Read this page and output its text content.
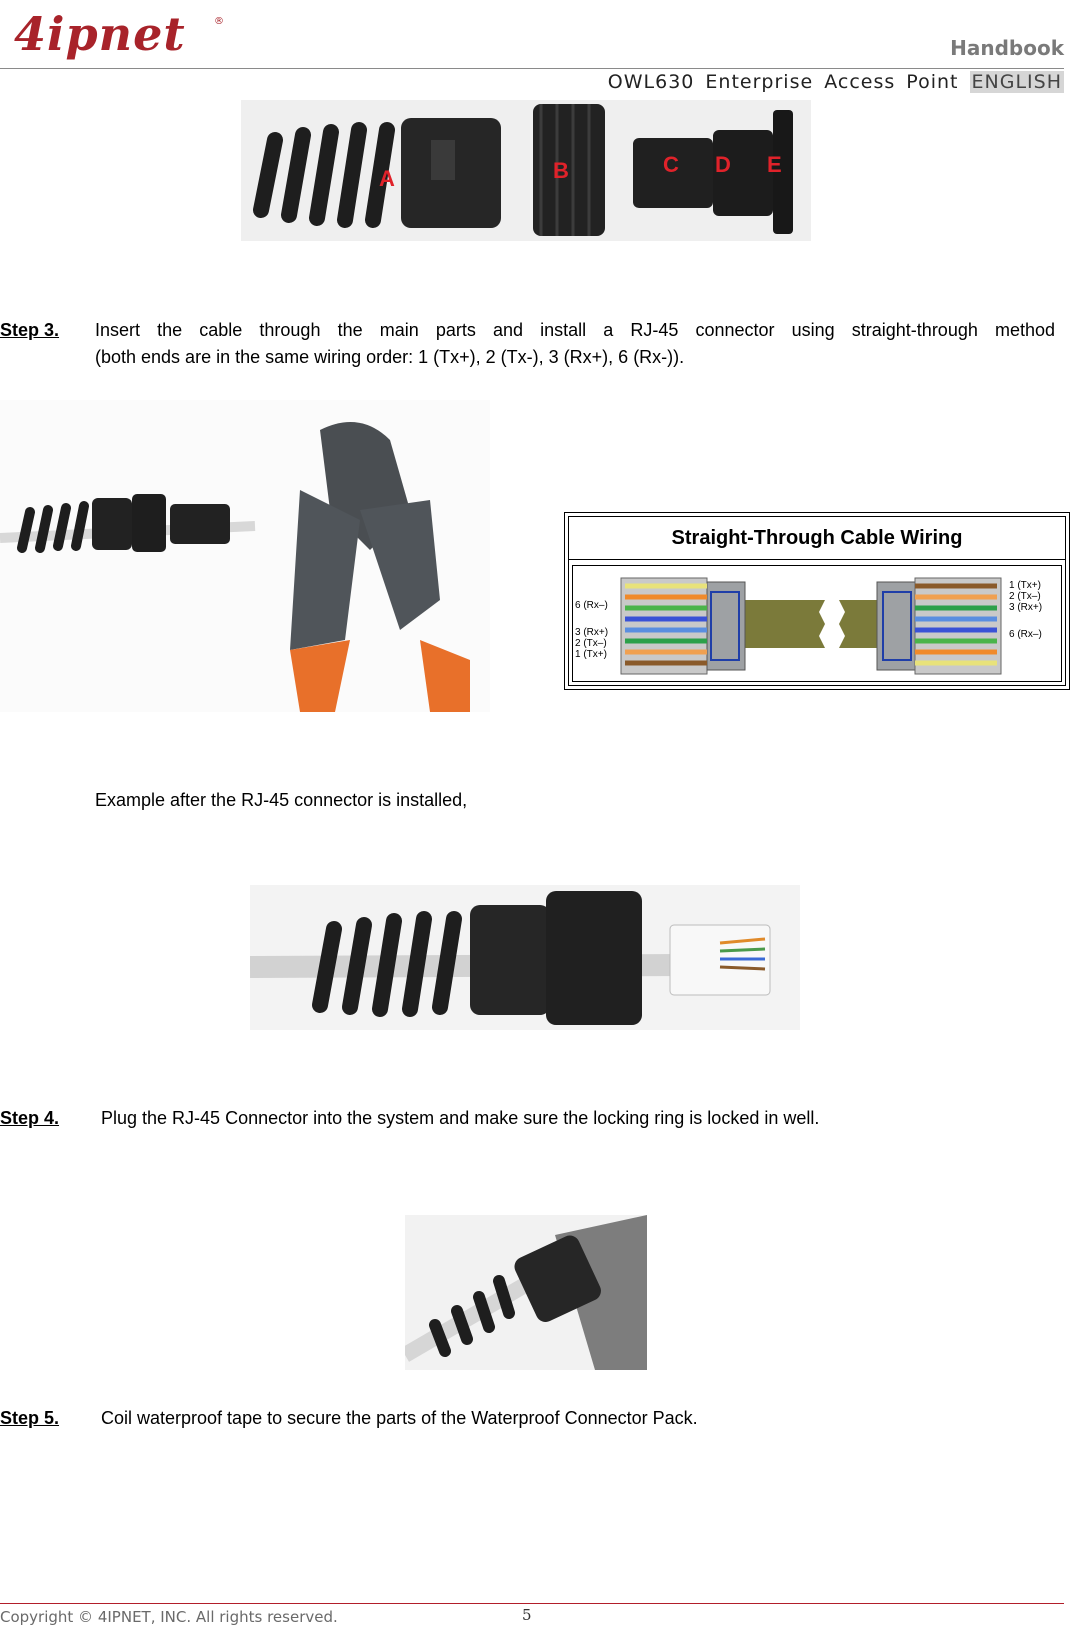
4ipnet	®
Handbook
OWL630 Enterprise Access Point ENGLISH
A	B	C D E
Step 3. Insert the cable through the main parts and install a RJ-45 connector using straight-through method
(both ends are in the same wiring order: 1 (Tx+), 2 (Tx-), 3 (Rx+), 6 (Rx-)).
Straight-Through Cable Wiring
6 (Rx–)
3 (Rx+)
2 (Tx–)
1 (Tx+)
1 (Tx+)
2 (Tx–)
3 (Rx+)
6 (Rx–)
Example after the RJ-45 connector is installed,
Step 4. Plug the RJ-45 Connector into the system and make sure the locking ring is locked in well.
Step 5. Coil waterproof tape to secure the parts of the Waterproof Connector Pack.
Copyright © 4IPNET, INC. All rights reserved.	5
